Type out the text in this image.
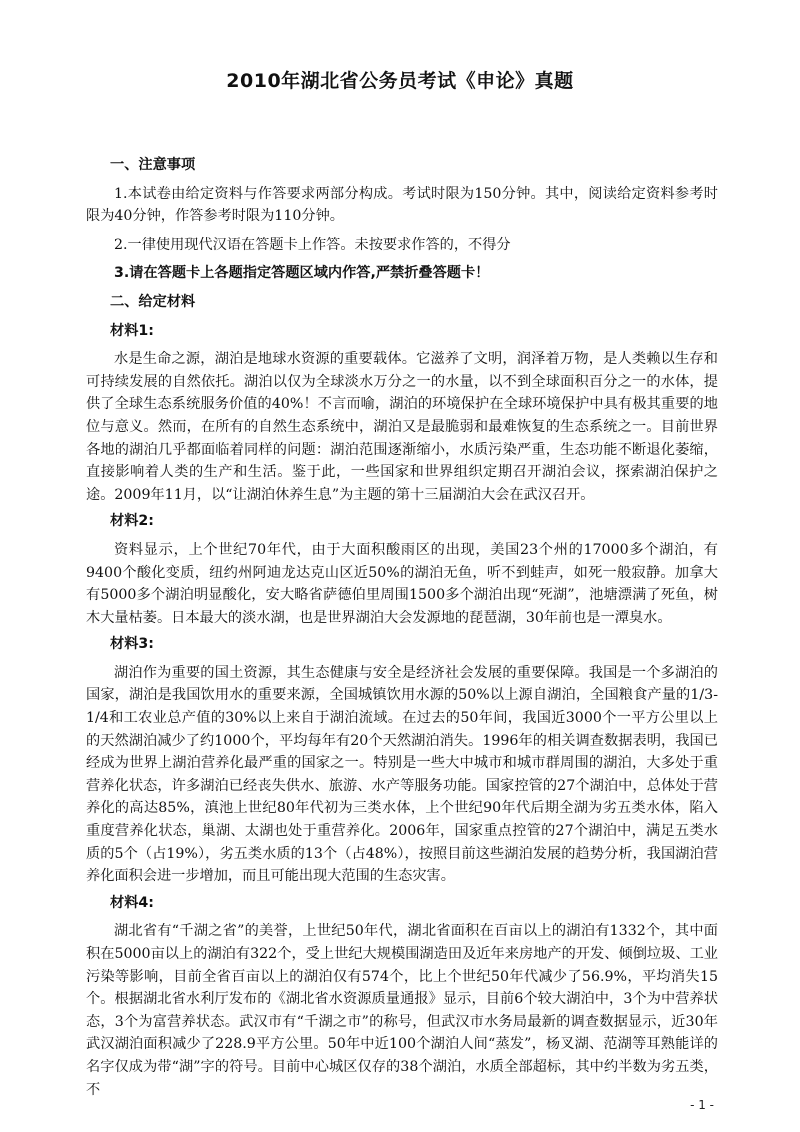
2010年湖北省公务员考试《申论》真题
一、注意事项

1.本试卷由给定资料与作答要求两部分构成。考试时限为150分钟。其中，阅读给定资料参考时限为40分钟，作答参考时限为110分钟。

2.一律使用现代汉语在答题卡上作答。未按要求作答的，不得分

3.请在答题卡上各题指定答题区域内作答,严禁折叠答题卡！

二、给定材料
材料1:

水是生命之源，湖泊是地球水资源的重要载体。它滋养了文明，润泽着万物，是人类赖以生存和可持续发展的自然依托。湖泊以仅为全球淡水万分之一的水量，以不到全球面积百分之一的水体，提供了全球生态系统服务价值的40%！不言而喻，湖泊的环境保护在全球环境保护中具有极其重要的地位与意义。然而，在所有的自然生态系统中，湖泊又是最脆弱和最难恢复的生态系统之一。目前世界各地的湖泊几乎都面临着同样的问题：湖泊范围逐渐缩小，水质污染严重，生态功能不断退化萎缩，直接影响着人类的生产和生活。鉴于此，一些国家和世界组织定期召开湖泊会议，探索湖泊保护之途。2009年11月，以“让湖泊休养生息”为主题的第十三届湖泊大会在武汉召开。

材料2:

资料显示，上个世纪70年代，由于大面积酸雨区的出现，美国23个州的17000多个湖泊，有9400个酸化变质，纽约州阿迪龙达克山区近50%的湖泊无鱼，听不到蛙声，如死一般寂静。加拿大有5000多个湖泊明显酸化，安大略省萨德伯里周围1500多个湖泊出现“死湖”，池塘漂满了死鱼，树木大量枯萎。日本最大的淡水湖，也是世界湖泊大会发源地的琵琶湖，30年前也是一潭臭水。

材料3:

湖泊作为重要的国土资源，其生态健康与安全是经济社会发展的重要保障。我国是一个多湖泊的国家，湖泊是我国饮用水的重要来源，全国城镇饮用水源的50%以上源自湖泊，全国粮食产量的1/3-1/4和工农业总产值的30%以上来自于湖泊流域。在过去的50年间，我国近3000个一平方公里以上的天然湖泊减少了约1000个，平均每年有20个天然湖泊消失。1996年的相关调查数据表明，我国已经成为世界上湖泊营养化最严重的国家之一。特别是一些大中城市和城市群周围的湖泊，大多处于重营养化状态，许多湖泊已经丧失供水、旅游、水产等服务功能。国家控管的27个湖泊中，总体处于营养化的高达85%，滇池上世纪80年代初为三类水体，上个世纪90年代后期全湖为劣五类水体，陷入重度营养化状态，巢湖、太湖也处于重营养化。2006年，国家重点控管的27个湖泊中，满足五类水质的5个（占19%），劣五类水质的13个（占48%），按照目前这些湖泊发展的趋势分析，我国湖泊营养化面积会进一步增加，而且可能出现大范围的生态灾害。

材料4:

湖北省有“千湖之省”的美誉，上世纪50年代，湖北省面积在百亩以上的湖泊有1332个，其中面积在5000亩以上的湖泊有322个，受上世纪大规模围湖造田及近年来房地产的开发、倾倒垃圾、工业污染等影响，目前全省百亩以上的湖泊仅有574个，比上个世纪50年代减少了56.9%，平均消失15个。根据湖北省水利厅发布的《湖北省水资源质量通报》显示，目前6个较大湖泊中，3个为中营养状态，3个为富营养状态。武汉市有“千湖之市”的称号，但武汉市水务局最新的调查数据显示，近30年武汉湖泊面积减少了228.9平方公里。50年中近100个湖泊人间“蒸发”，杨叉湖、范湖等耳熟能详的名字仅成为带“湖”字的符号。目前中心城区仅存的38个湖泊，水质全部超标，其中约半数为劣五类，不

- 1 -
